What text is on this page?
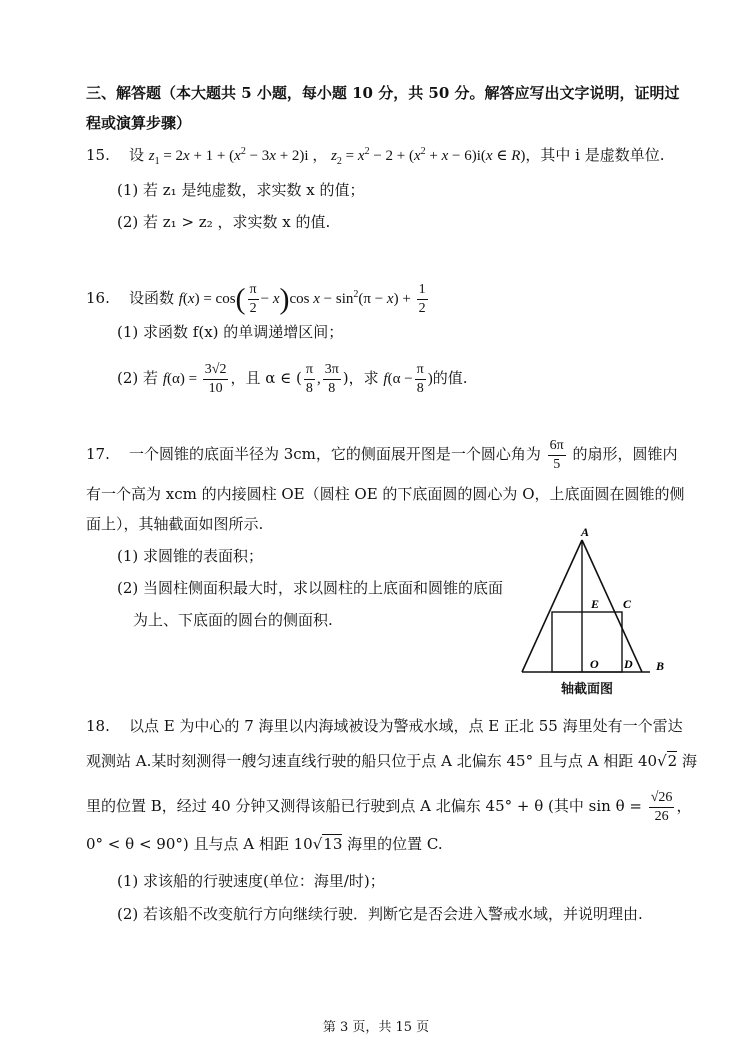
三、解答题（本大题共 5 小题，每小题 10 分，共 50 分。解答应写出文字说明，证明过
程或演算步骤）
15. 设 $z_1 = 2x + 1 + (x^2 - 3x + 2)i$ ， $z_2 = x^2 - 2 + (x^2 + x - 6)i(x$ ∈ R)，其中 i 是虚数单位.
(1) 若 z₁ 是纯虚数，求实数 x 的值；
(2) 若 z₁ > z₂ ，求实数 x 的值.
16. 设函数 $f(x) = \cos( \frac{\pi}{2} - x)\cos$ $x - \sin^2(\pi - x) + \frac{1}{2}$
(1) 求函数 f(x) 的单调递增区间；
(2) 若 $f(\alpha) = \frac{3√2}{10}$ ，且 α ∈ ( $\frac{\pi}{8}$ , $\frac{3\pi}{8}$ )，求 $f(\alpha - \frac{\pi}{8}$ )的值.
17. 一个圆锥的底面半径为 3cm，它的侧面展开图是一个圆心角为 $\frac{6\pi}{5}$ 的扇形，圆锥内
有一个高为 xcm 的内接圆柱 OE（圆柱 OE 的下底面圆的圆心为 O，上底面圆在圆锥的侧
面上），其轴截面如图所示.
(1) 求圆锥的表面积；
(2) 当圆柱侧面积最大时，求以圆柱的上底面和圆锥的底面
为上、下底面的圆台的侧面积.
A
E C
O D B
轴截面图
18. 以点 E 为中心的 7 海里以内海域被设为警戒水域，点 E 正北 55 海里处有一个雷达
观测站 A.某时刻测得一艘匀速直线行驶的船只位于点 A 北偏东 45° 且与点 A 相距 40√2 海
里的位置 B，经过 40 分钟又测得该船已行驶到点 A 北偏东 45° + θ (其中 $\sin \theta = \frac{√26}{26}$ ，
0° < θ < 90°) 且与点 A 相距 10√13 海里的位置 C.
(1) 求该船的行驶速度(单位：海里/时)；
(2) 若该船不改变航行方向继续行驶．判断它是否会进入警戒水域，并说明理由.
第 3 页，共 15 页
